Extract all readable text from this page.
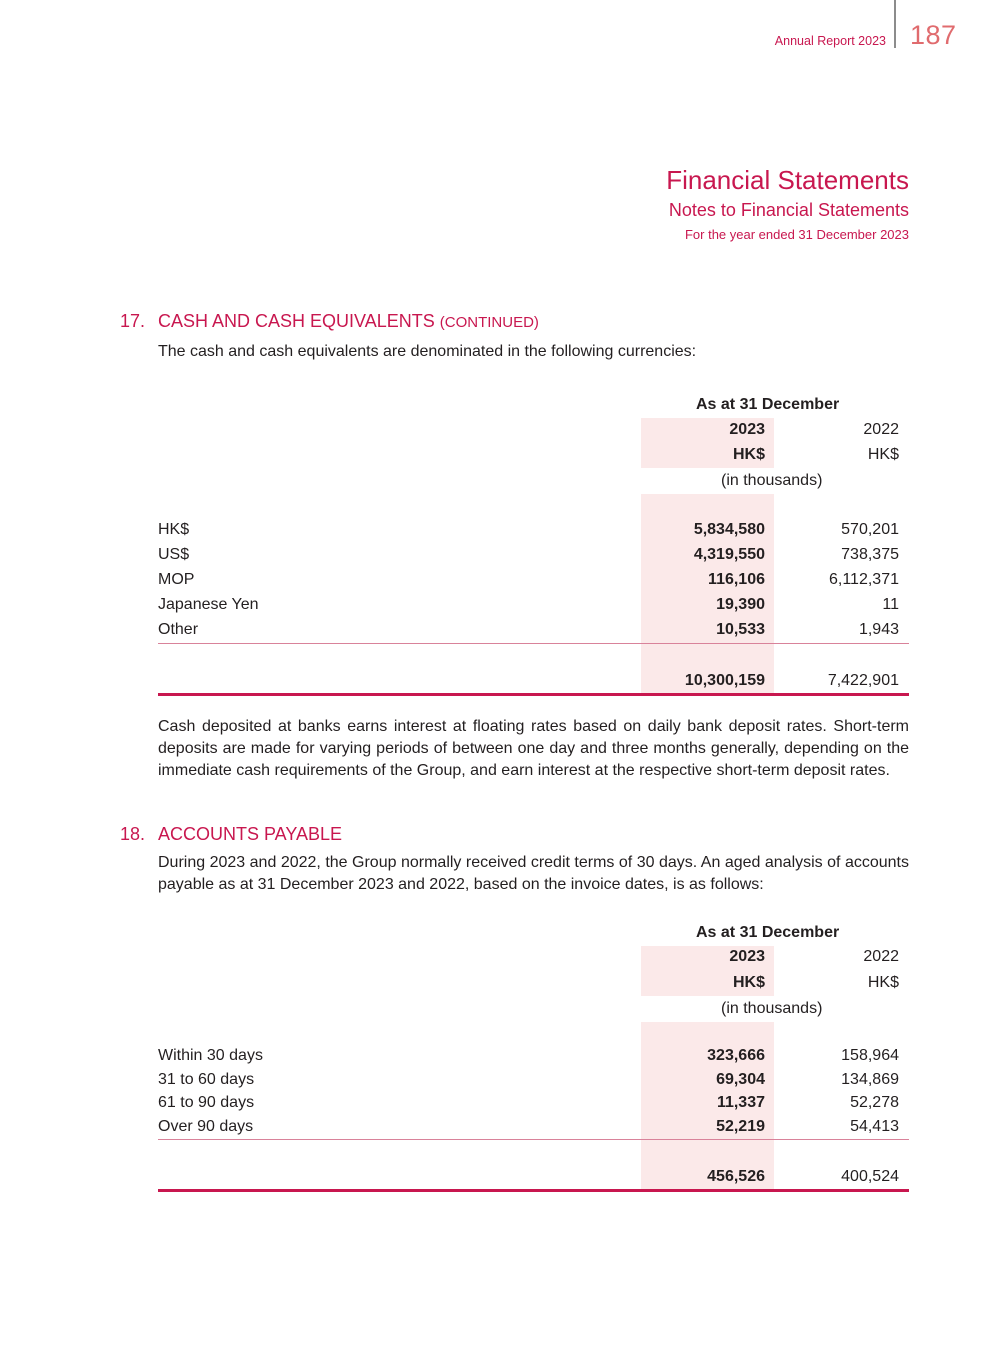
Annual Report 2023 187
Financial Statements
Notes to Financial Statements
For the year ended 31 December 2023
17. CASH AND CASH EQUIVALENTS (CONTINUED)
The cash and cash equivalents are denominated in the following currencies:
As at 31 December
2023	2022
HK$	HK$
(in thousands)
HK$	5,834,580	570,201
US$	4,319,550	738,375
MOP	116,106	6,112,371
Japanese Yen	19,390	11
Other	10,533	1,943
10,300,159	7,422,901
Cash deposited at banks earns interest at floating rates based on daily bank deposit rates. Short-term deposits are made for varying periods of between one day and three months generally, depending on the immediate cash requirements of the Group, and earn interest at the respective short-term deposit rates.
18. ACCOUNTS PAYABLE
During 2023 and 2022, the Group normally received credit terms of 30 days. An aged analysis of accounts payable as at 31 December 2023 and 2022, based on the invoice dates, is as follows:
As at 31 December
2023	2022
HK$	HK$
(in thousands)
Within 30 days	323,666	158,964
31 to 60 days	69,304	134,869
61 to 90 days	11,337	52,278
Over 90 days	52,219	54,413
456,526	400,524
